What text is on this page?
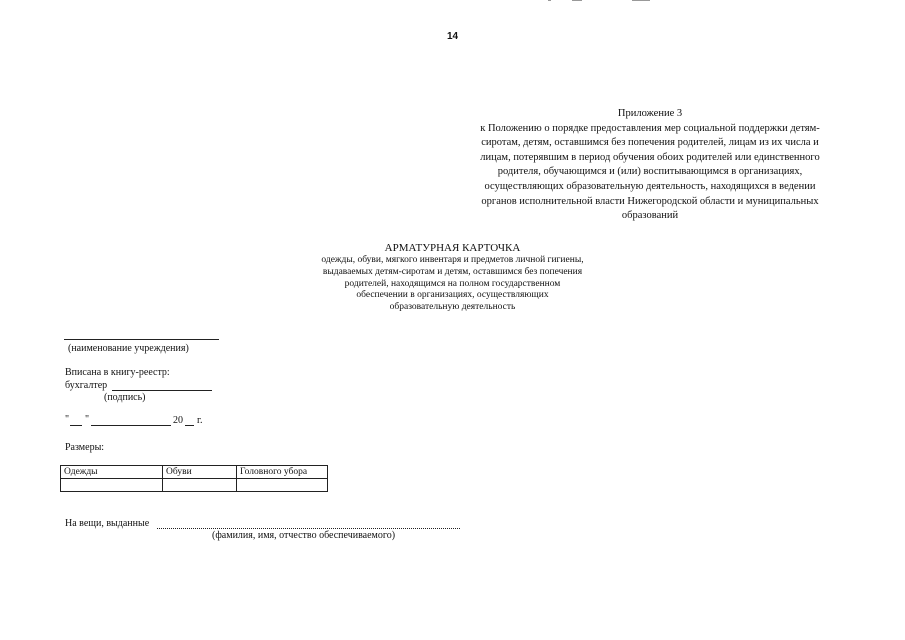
14
Приложение 3
к Положению о порядке предоставления мер социальной поддержки детям-
сиротам, детям, оставшимся без попечения родителей, лицам из их числа и
лицам, потерявшим в период обучения обоих родителей или единственного
родителя, обучающимся и (или) воспитывающимся в организациях,
осуществляющих образовательную деятельность, находящихся в ведении
органов исполнительной власти Нижегородской области и муниципальных
образований
АРМАТУРНАЯ КАРТОЧКА
одежды, обуви, мягкого инвентаря и предметов личной гигиены,
выдаваемых детям-сиротам и детям, оставшимся без попечения
родителей, находящимся на полном государственном
обеспечении в организациях, осуществляющих
образовательную деятельность
(наименование учреждения)
Вписана в книгу-реестр:
бухгалтер
(подпись)
" "	20 г.
Размеры:
Одежды	Обуви	Головного убора

На вещи, выданные
(фамилия, имя, отчество обеспечиваемого)
